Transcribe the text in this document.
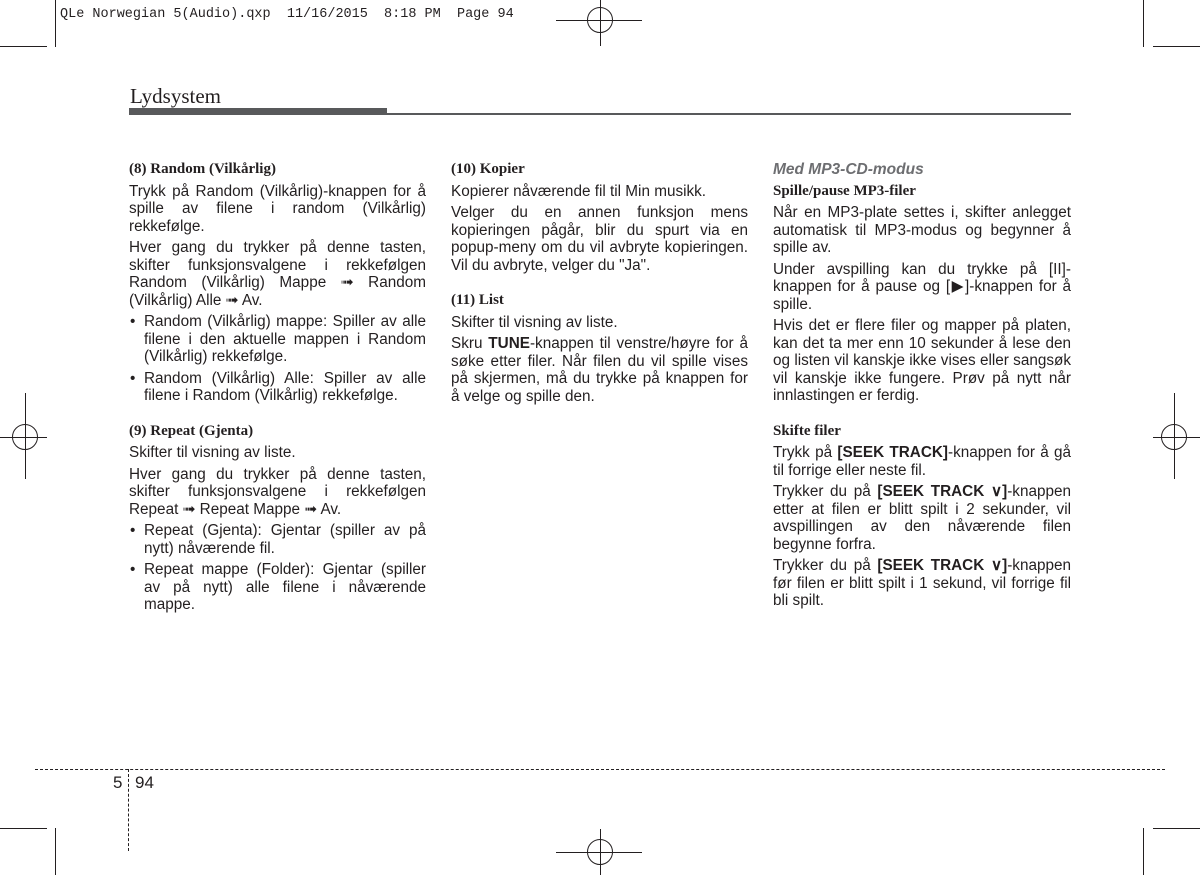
QLe Norwegian 5(Audio).qxp  11/16/2015  8:18 PM  Page 94
Lydsystem

(8) Random (Vilkårlig)

Trykk på Random (Vilkårlig)-knappen for å spille av filene i random (Vilkårlig) rekkefølge.

Hver gang du trykker på denne tasten, skifter funksjonsvalgene i rekkefølgen Random (Vilkårlig) Mappe ➟ Random (Vilkårlig) Alle ➟ Av.

• Random (Vilkårlig) mappe: Spiller av alle filene i den aktuelle mappen i Random (Vilkårlig) rekkefølge.
• Random (Vilkårlig) Alle: Spiller av alle filene i Random (Vilkårlig) rekkefølge.

(9) Repeat (Gjenta)

Skifter til visning av liste.

Hver gang du trykker på denne tasten, skifter funksjonsvalgene i rekkefølgen Repeat ➟ Repeat Mappe ➟ Av.

• Repeat (Gjenta): Gjentar (spiller av på nytt) nåværende fil.
• Repeat mappe (Folder): Gjentar (spiller av på nytt) alle filene i nåværende mappe.

(10) Kopier

Kopierer nåværende fil til Min musikk.

Velger du en annen funksjon mens kopieringen pågår, blir du spurt via en popup-meny om du vil avbryte kopieringen. Vil du avbryte, velger du "Ja".

(11) List

Skifter til visning av liste.

Skru TUNE-knappen til venstre/høyre for å søke etter filer. Når filen du vil spille vises på skjermen, må du trykke på knappen for å velge og spille den.

Med MP3-CD-modus

Spille/pause MP3-filer

Når en MP3-plate settes i, skifter anlegget automatisk til MP3-modus og begynner å spille av.

Under avspilling kan du trykke på [II]-knappen for å pause og [▶]-knappen for å spille.

Hvis det er flere filer og mapper på platen, kan det ta mer enn 10 sekunder å lese den og listen vil kanskje ikke vises eller sangsøk vil kanskje ikke fungere. Prøv på nytt når innlastingen er ferdig.

Skifte filer

Trykk på [SEEK TRACK]-knappen for å gå til forrige eller neste fil.

Trykker du på [SEEK TRACK ∨]-knappen etter at filen er blitt spilt i 2 sekunder, vil avspillingen av den nåværende filen begynne forfra.

Trykker du på [SEEK TRACK ∨]-knappen før filen er blitt spilt i 1 sekund, vil forrige fil bli spilt.

5 94
